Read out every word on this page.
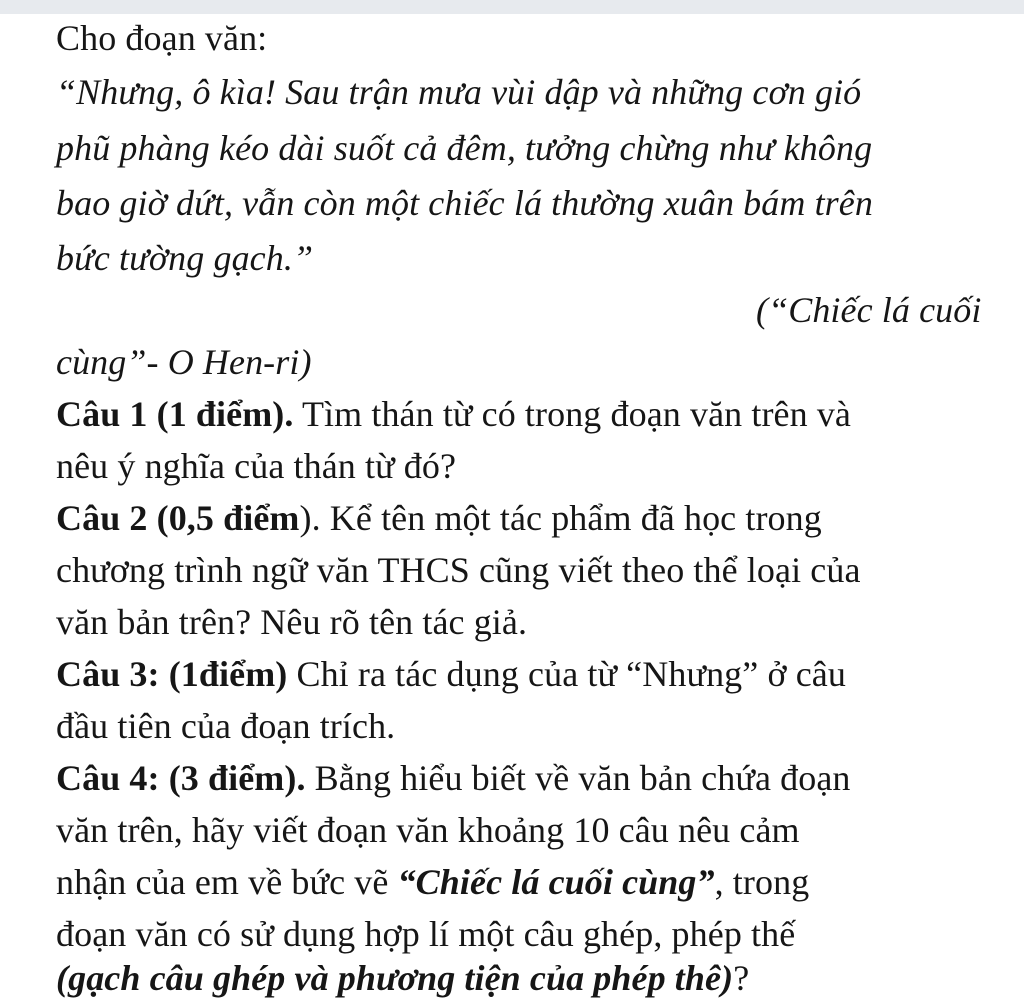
Cho đoạn văn:
“Nhưng, ô kìa! Sau trận mưa vùi dập và những cơn gió
phũ phàng kéo dài suốt cả đêm, tưởng chừng như không
bao giờ dứt, vẫn còn một chiếc lá thường xuân bám trên
bức tường gạch.”
(“Chiếc lá cuối
cùng”- O Hen-ri)
Câu 1 (1 điểm). Tìm thán từ có trong đoạn văn trên và
nêu ý nghĩa của thán từ đó?
Câu 2 (0,5 điểm). Kể tên một tác phẩm đã học trong
chương trình ngữ văn THCS cũng viết theo thể loại của
văn bản trên? Nêu rõ tên tác giả.
Câu 3: (1điểm) Chỉ ra tác dụng của từ “Nhưng” ở câu
đầu tiên của đoạn trích.
Câu 4: (3 điểm). Bằng hiểu biết về văn bản chứa đoạn
văn trên, hãy viết đoạn văn khoảng 10 câu nêu cảm
nhận của em về bức vẽ “Chiếc lá cuối cùng”, trong
đoạn văn có sử dụng hợp lí một câu ghép, phép thế
(gạch câu ghép và phương tiện của phép thê)?
